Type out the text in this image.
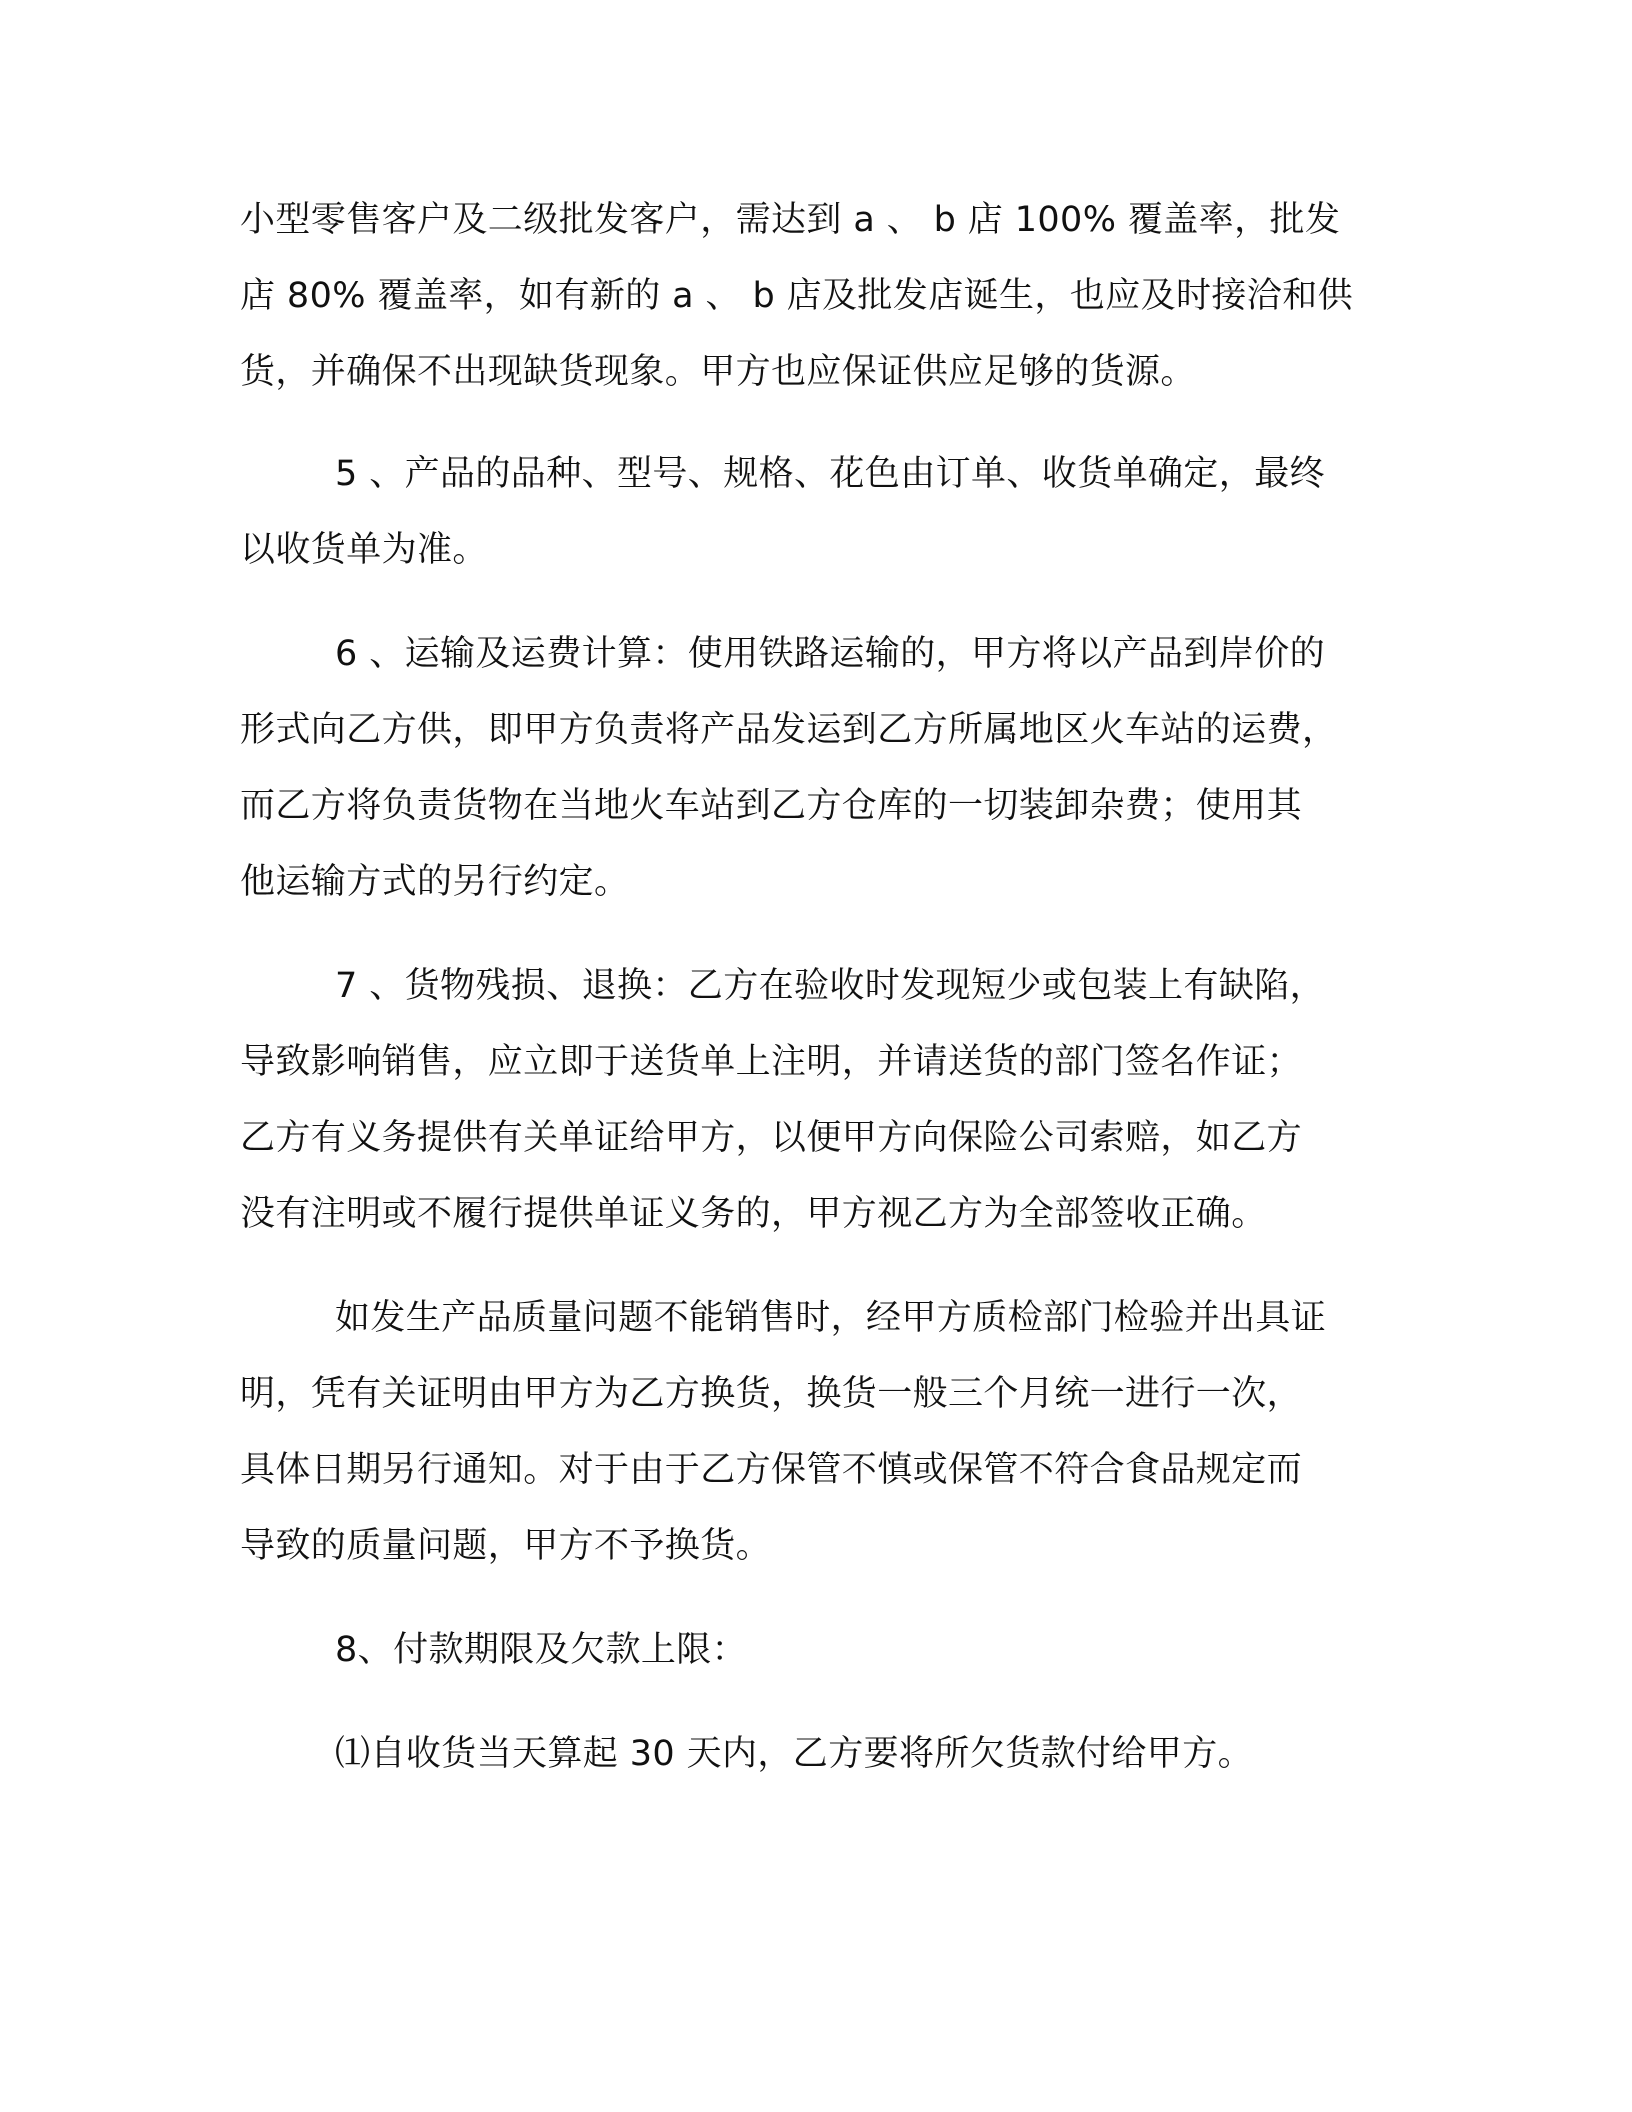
小型零售客户及二级批发客户，需达到 a 、 b 店 100% 覆盖率，批发
店 80% 覆盖率，如有新的 a 、 b 店及批发店诞生，也应及时接洽和供
货，并确保不出现缺货现象。甲方也应保证供应足够的货源。
5 、产品的品种、型号、规格、花色由订单、收货单确定，最终
以收货单为准。
6 、运输及运费计算：使用铁路运输的，甲方将以产品到岸价的
形式向乙方供，即甲方负责将产品发运到乙方所属地区火车站的运费，
而乙方将负责货物在当地火车站到乙方仓库的一切装卸杂费；使用其
他运输方式的另行约定。
7 、货物残损、退换：乙方在验收时发现短少或包装上有缺陷，
导致影响销售，应立即于送货单上注明，并请送货的部门签名作证；
乙方有义务提供有关单证给甲方，以便甲方向保险公司索赔，如乙方
没有注明或不履行提供单证义务的，甲方视乙方为全部签收正确。
如发生产品质量问题不能销售时，经甲方质检部门检验并出具证
明，凭有关证明由甲方为乙方换货，换货一般三个月统一进行一次，
具体日期另行通知。对于由于乙方保管不慎或保管不符合食品规定而
导致的质量问题，甲方不予换货。
8、付款期限及欠款上限：
⑴自收货当天算起 30 天内，乙方要将所欠货款付给甲方。
